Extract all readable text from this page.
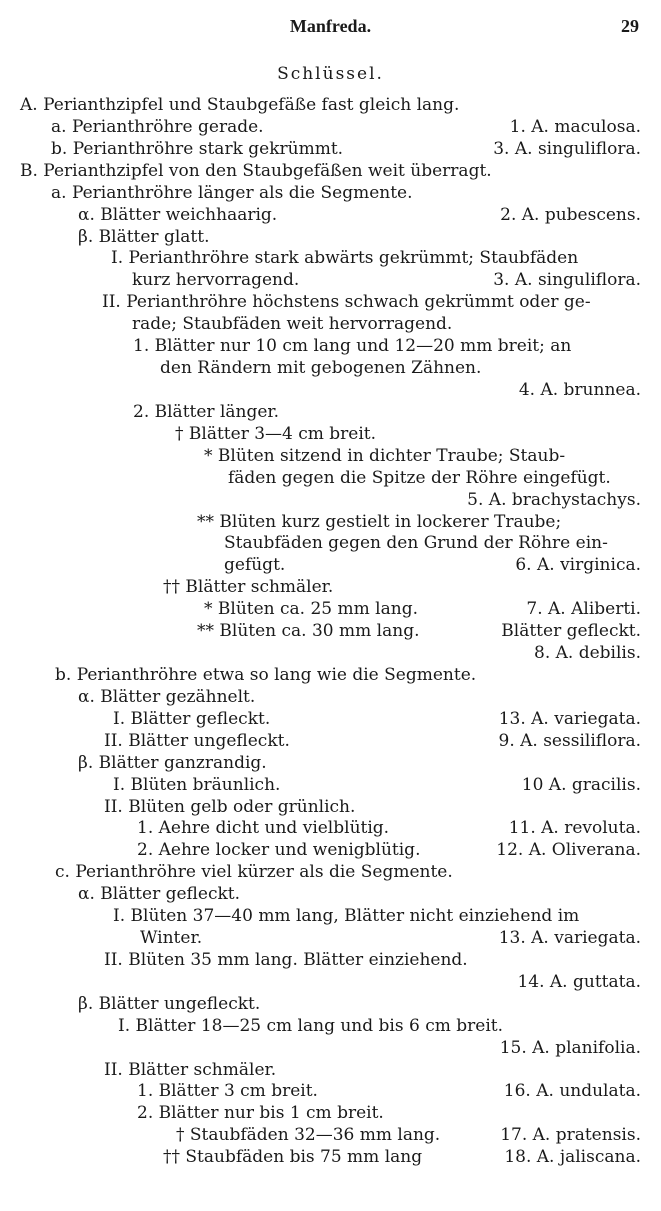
Manfreda.	29
Schlüssel.
A. Perianthzipfel und Staubgefäße fast gleich lang.
a. Perianthröhre gerade.	1. A. maculosa.
b. Perianthröhre stark gekrümmt.	3. A. singuliflora.
B. Perianthzipfel von den Staubgefäßen weit überragt.
a. Perianthröhre länger als die Segmente.
α. Blätter weichhaarig.	2. A. pubescens.
β. Blätter glatt.
I. Perianthröhre stark abwärts gekrümmt; Staubfäden
kurz hervorragend.	3. A. singuliflora.
II. Perianthröhre höchstens schwach gekrümmt oder ge-
rade; Staubfäden weit hervorragend.
1. Blätter nur 10 cm lang und 12—20 mm breit; an
den Rändern mit gebogenen Zähnen.
4. A. brunnea.
2. Blätter länger.
† Blätter 3—4 cm breit.
* Blüten sitzend in dichter Traube; Staub-
fäden gegen die Spitze der Röhre eingefügt.
5. A. brachystachys.
** Blüten kurz gestielt in lockerer Traube;
Staubfäden gegen den Grund der Röhre ein-
gefügt.	6. A. virginica.
†† Blätter schmäler.
* Blüten ca. 25 mm lang.	7. A. Aliberti.
** Blüten ca. 30 mm lang.	Blätter gefleckt.
8. A. debilis.
b. Perianthröhre etwa so lang wie die Segmente.
α. Blätter gezähnelt.
I. Blätter gefleckt.	13. A. variegata.
II. Blätter ungefleckt.	9. A. sessiliflora.
β. Blätter ganzrandig.
I. Blüten bräunlich.	10 A. gracilis.
II. Blüten gelb oder grünlich.
1. Aehre dicht und vielblütig.	11. A. revoluta.
2. Aehre locker und wenigblütig.	12. A. Oliverana.
c. Perianthröhre viel kürzer als die Segmente.
α. Blätter gefleckt.
I. Blüten 37—40 mm lang, Blätter nicht einziehend im
Winter.	13. A. variegata.
II. Blüten 35 mm lang. Blätter einziehend.
14. A. guttata.
β. Blätter ungefleckt.
I. Blätter 18—25 cm lang und bis 6 cm breit.
15. A. planifolia.
II. Blätter schmäler.
1. Blätter 3 cm breit.	16. A. undulata.
2. Blätter nur bis 1 cm breit.
† Staubfäden 32—36 mm lang.	17. A. pratensis.
†† Staubfäden bis 75 mm lang	18. A. jaliscana.
